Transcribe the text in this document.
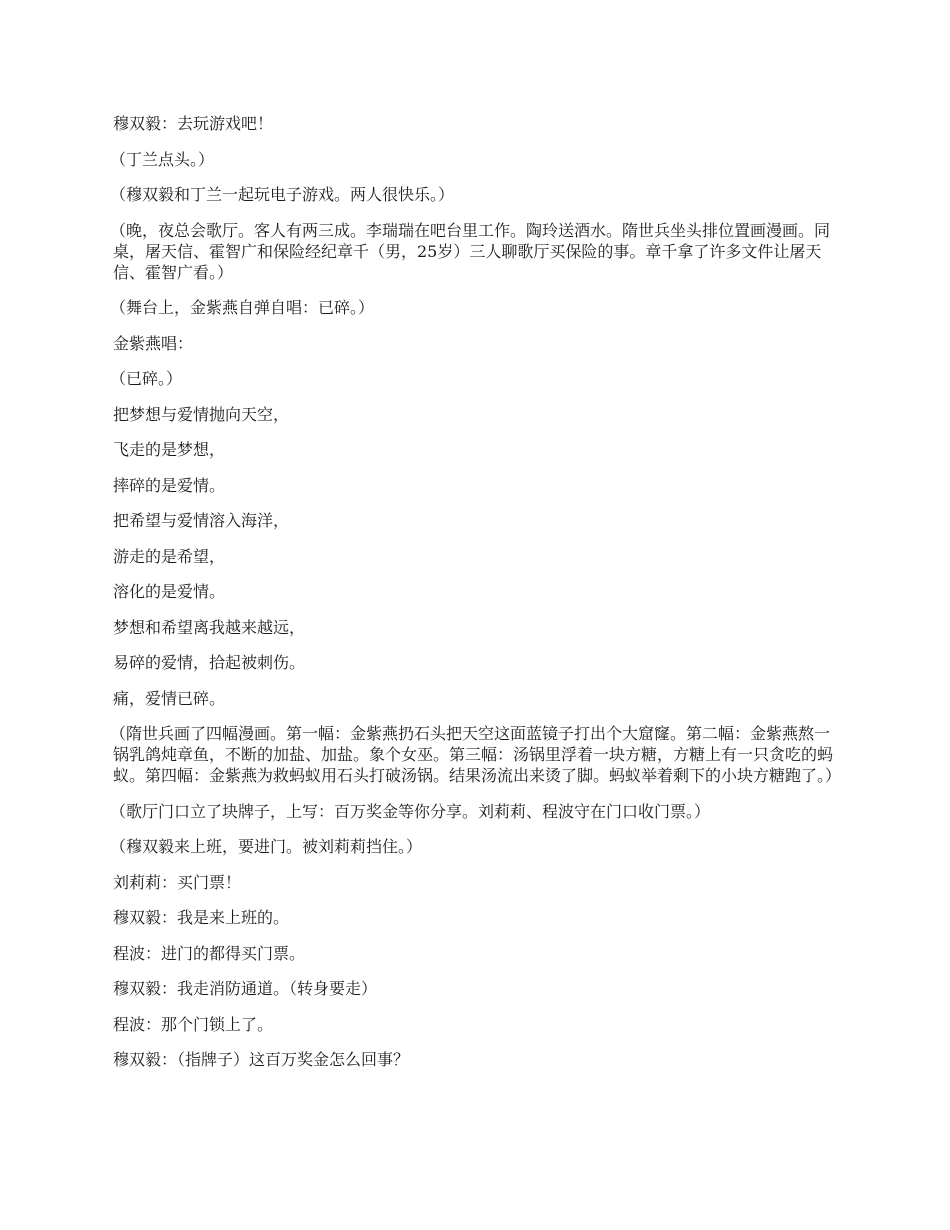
穆双毅：去玩游戏吧！

（丁兰点头。）

（穆双毅和丁兰一起玩电子游戏。两人很快乐。）

（晚，夜总会歌厅。客人有两三成。李瑞瑞在吧台里工作。陶玲送酒水。隋世兵坐头排位置画漫画。同桌，屠天信、霍智广和保险经纪章千（男，25岁）三人聊歌厅买保险的事。章千拿了许多文件让屠天信、霍智广看。）

（舞台上，金紫燕自弹自唱：已碎。）

金紫燕唱：

（已碎。）

把梦想与爱情抛向天空，

飞走的是梦想，

摔碎的是爱情。

把希望与爱情溶入海洋，

游走的是希望，

溶化的是爱情。

梦想和希望离我越来越远，

易碎的爱情，拾起被刺伤。

痛，爱情已碎。

（隋世兵画了四幅漫画。第一幅：金紫燕扔石头把天空这面蓝镜子打出个大窟窿。第二幅：金紫燕熬一锅乳鸽炖章鱼，不断的加盐、加盐。象个女巫。第三幅：汤锅里浮着一块方糖，方糖上有一只贪吃的蚂蚁。第四幅：金紫燕为救蚂蚁用石头打破汤锅。结果汤流出来烫了脚。蚂蚁举着剩下的小块方糖跑了。）

（歌厅门口立了块牌子，上写：百万奖金等你分享。刘莉莉、程波守在门口收门票。）

（穆双毅来上班，要进门。被刘莉莉挡住。）

刘莉莉：买门票！

穆双毅：我是来上班的。

程波：进门的都得买门票。

穆双毅：我走消防通道。（转身要走）

程波：那个门锁上了。

穆双毅：（指牌子）这百万奖金怎么回事？
